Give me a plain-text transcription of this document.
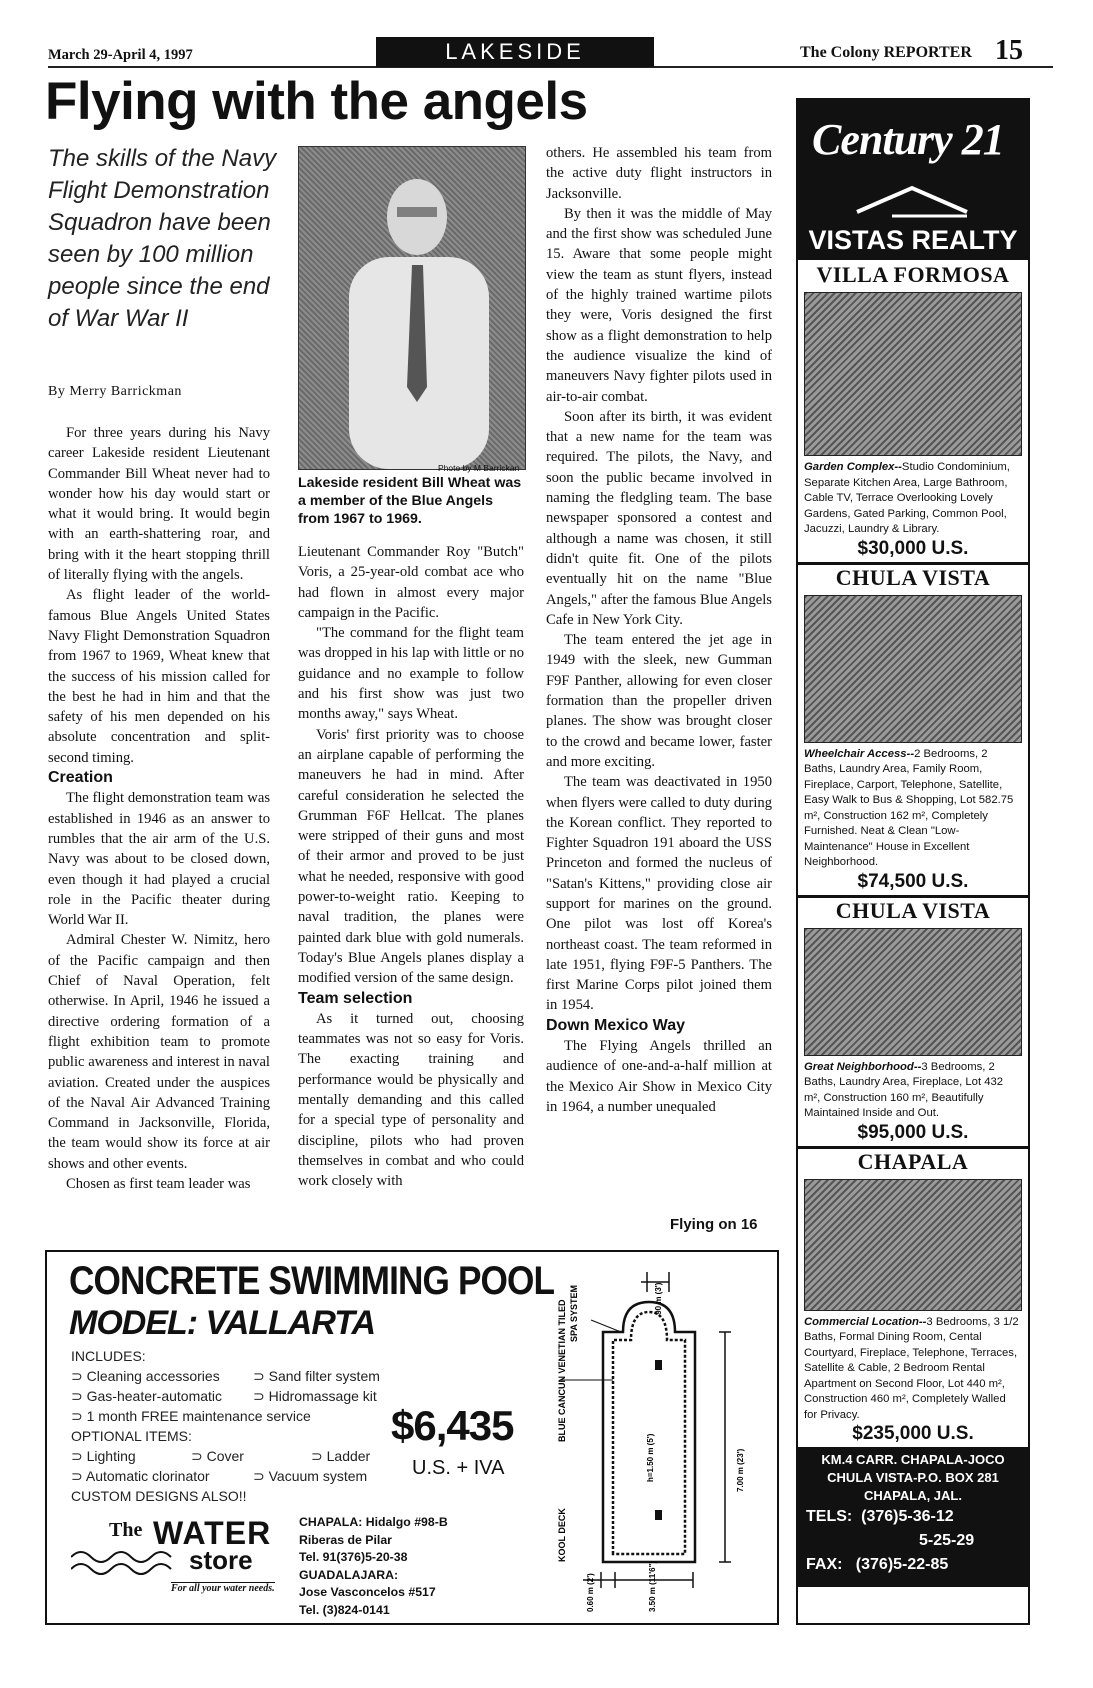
March 29-April 4, 1997	LAKESIDE	The Colony REPORTER 15
Flying with the angels
The skills of the Navy Flight Demonstration Squadron have been seen by 100 million people since the end of War War II
By Merry Barrickman

For three years during his Navy career Lakeside resident Lieutenant Commander Bill Wheat never had to wonder how his day would start or what it would bring. It would begin with an earth-shattering roar, and bring with it the heart stopping thrill of literally flying with the angels.

As flight leader of the world-famous Blue Angels United States Navy Flight Demonstration Squadron from 1967 to 1969, Wheat knew that the success of his mission called for the best he had in him and that the safety of his men depended on his absolute concentration and split-second timing.

Creation

The flight demonstration team was established in 1946 as an answer to rumbles that the air arm of the U.S. Navy was about to be closed down, even though it had played a crucial role in the Pacific theater during World War II.

Admiral Chester W. Nimitz, hero of the Pacific campaign and then Chief of Naval Operation, felt otherwise. In April, 1946 he issued a directive ordering formation of a flight exhibition team to promote public awareness and interest in naval aviation. Created under the auspices of the Naval Air Advanced Training Command in Jacksonville, Florida, the team would show its force at air shows and other events.

Chosen as first team leader was

Photo by M Barrickan
Lakeside resident Bill Wheat was a member of the Blue Angels from 1967 to 1969.

Lieutenant Commander Roy "Butch" Voris, a 25-year-old combat ace who had flown in almost every major campaign in the Pacific.

"The command for the flight team was dropped in his lap with little or no guidance and no example to follow and his first show was just two months away," says Wheat.

Voris' first priority was to choose an airplane capable of performing the maneuvers he had in mind. After careful consideration he selected the Grumman F6F Hellcat. The planes were stripped of their guns and most of their armor and proved to be just what he needed, responsive with good power-to-weight ratio. Keeping to naval tradition, the planes were painted dark blue with gold numerals. Today's Blue Angels planes display a modified version of the same design.

Team selection

As it turned out, choosing teammates was not so easy for Voris. The exacting training and performance would be physically and mentally demanding and this called for a special type of personality and discipline, pilots who had proven themselves in combat and who could work closely with

others. He assembled his team from the active duty flight instructors in Jacksonville.

By then it was the middle of May and the first show was scheduled June 15. Aware that some people might view the team as stunt flyers, instead of the highly trained wartime pilots they were, Voris designed the first show as a flight demonstration to help the audience visualize the kind of maneuvers Navy fighter pilots used in air-to-air combat.

Soon after its birth, it was evident that a new name for the team was required. The pilots, the Navy, and soon the public became involved in naming the fledgling team. The base newspaper sponsored a contest and although a name was chosen, it still didn't quite fit. One of the pilots eventually hit on the name "Blue Angels," after the famous Blue Angels Cafe in New York City.

The team entered the jet age in 1949 with the sleek, new Gumman F9F Panther, allowing for even closer formation than the propeller driven planes. The show was brought closer to the crowd and became lower, faster and more exciting.

The team was deactivated in 1950 when flyers were called to duty during the Korean conflict. They reported to Fighter Squadron 191 aboard the USS Princeton and formed the nucleus of "Satan's Kittens," providing close air support for marines on the ground. One pilot was lost off Korea's northeast coast. The team reformed in late 1951, flying F9F-5 Panthers. The first Marine Corps pilot joined them in 1954.

Down Mexico Way

The Flying Angels thrilled an audience of one-and-a-half million at the Mexico Air Show in Mexico City in 1964, a number unequaled

Flying on 16
Century 21
VISTAS REALTY
VILLA FORMOSA
Garden Complex--Studio Condominium, Separate Kitchen Area, Large Bathroom, Cable TV, Terrace Overlooking Lovely Gardens, Gated Parking, Common Pool, Jacuzzi, Laundry & Library.
$30,000 U.S.
CHULA VISTA
Wheelchair Access--2 Bedrooms, 2 Baths, Laundry Area, Family Room, Fireplace, Carport, Telephone, Satellite, Easy Walk to Bus & Shopping, Lot 582.75 m², Construction 162 m², Completely Furnished. Neat & Clean "Low-Maintenance" House in Excellent Neighborhood.
$74,500 U.S.
CHULA VISTA
Great Neighborhood--3 Bedrooms, 2 Baths, Laundry Area, Fireplace, Lot 432 m², Construction 160 m², Beautifully Maintained Inside and Out.
$95,000 U.S.
CHAPALA
Commercial Location--3 Bedrooms, 3 1/2 Baths, Formal Dining Room, Cental Courtyard, Fireplace, Telephone, Terraces, Satellite & Cable, 2 Bedroom Rental Apartment on Second Floor, Lot 440 m², Construction 460 m², Completely Walled for Privacy.
$235,000 U.S.
KM.4 CARR. CHAPALA-JOCO
CHULA VISTA-P.O. BOX 281
CHAPALA, JAL.
TELS: (376)5-36-12
5-25-29
FAX: (376)5-22-85
CONCRETE SWIMMING POOL
MODEL: VALLARTA
INCLUDES:
⊃ Cleaning accessories ⊃ Sand filter system
⊃ Gas-heater-automatic ⊃ Hidromassage kit
⊃ 1 month FREE maintenance service
OPTIONAL ITEMS:
⊃ Lighting	⊃ Cover	⊃ Ladder
⊃ Automatic clorinator	⊃ Vacuum system
CUSTOM DESIGNS ALSO!!
$6,435
U.S. + IVA
The WATER
store
For all your water needs.
CHAPALA: Hidalgo #98-B
Riberas de Pilar
Tel. 91(376)5-20-38
GUADALAJARA:
Jose Vasconcelos #517
Tel. (3)824-0141
SPA SYSTEM
BLUE CANCUN VENETIAN TILED
KOOL DECK
.90 m (3')
h=1.50 m (5')	7.00 m (23')
0.60 m (2')	3.50 m (11'6")
